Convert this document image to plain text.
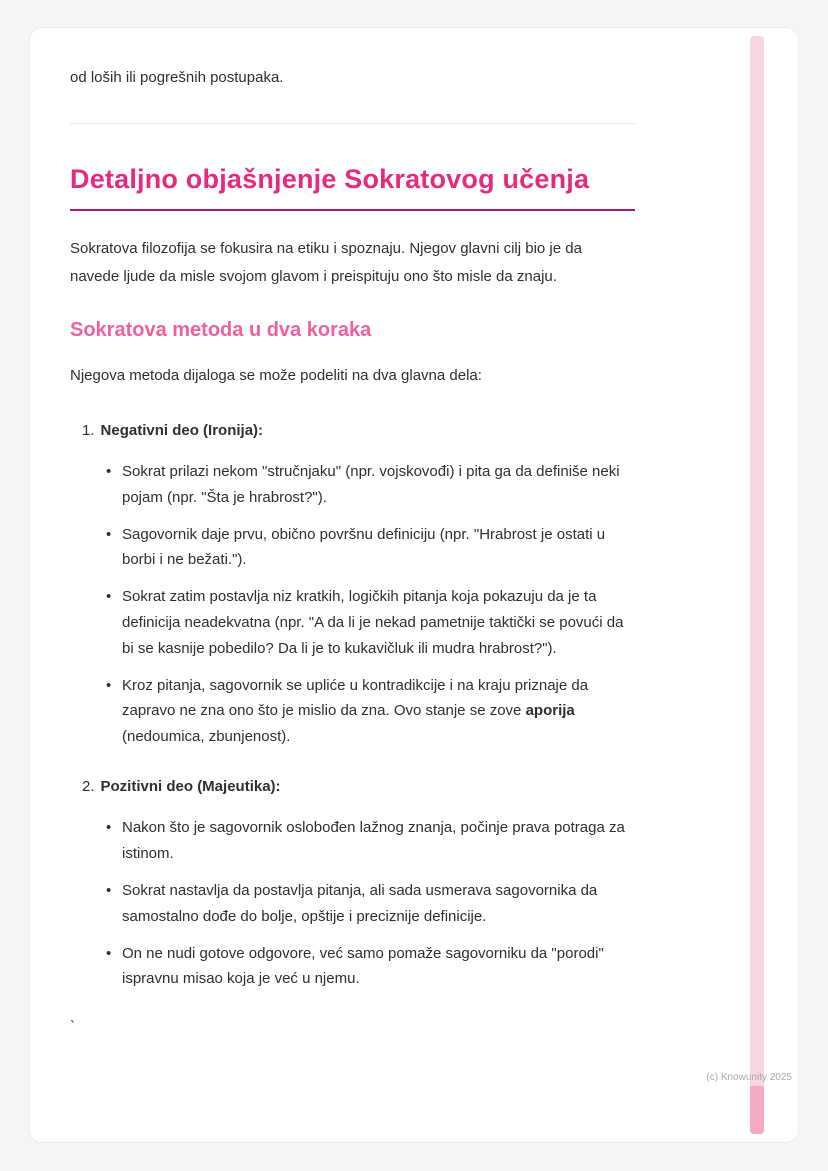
od loših ili pogrešnih postupaka.

Detaljno objašnjenje Sokratovog učenja

Sokratova filozofija se fokusira na etiku i spoznaju. Njegov glavni cilj bio je da navede ljude da misle svojom glavom i preispituju ono što misle da znaju.

Sokratova metoda u dva koraka

Njegova metoda dijaloga se može podeliti na dva glavna dela:

1. Negativni deo (Ironija):
• Sokrat prilazi nekom "stručnjaku" (npr. vojskovođi) i pita ga da definiše neki pojam (npr. "Šta je hrabrost?").
• Sagovornik daje prvu, obično površnu definiciju (npr. "Hrabrost je ostati u borbi i ne bežati.").
• Sokrat zatim postavlja niz kratkih, logičkih pitanja koja pokazuju da je ta definicija neadekvatna (npr. "A da li je nekad pametnije taktički se povući da bi se kasnije pobedilo? Da li je to kukavičluk ili mudra hrabrost?").
• Kroz pitanja, sagovornik se upliće u kontradikcije i na kraju priznaje da zapravo ne zna ono što je mislio da zna. Ovo stanje se zove aporija (nedoumica, zbunjenost).
2. Pozitivni deo (Majeutika):
• Nakon što je sagovornik oslobođen lažnog znanja, počinje prava potraga za istinom.
• Sokrat nastavlja da postavlja pitanja, ali sada usmerava sagovornika da samostalno dođe do bolje, opštije i preciznije definicije.
• On ne nudi gotove odgovore, već samo pomaže sagovorniku da "porodi" ispravnu misao koja je već u njemu.

`

(c) Knowunity 2025
